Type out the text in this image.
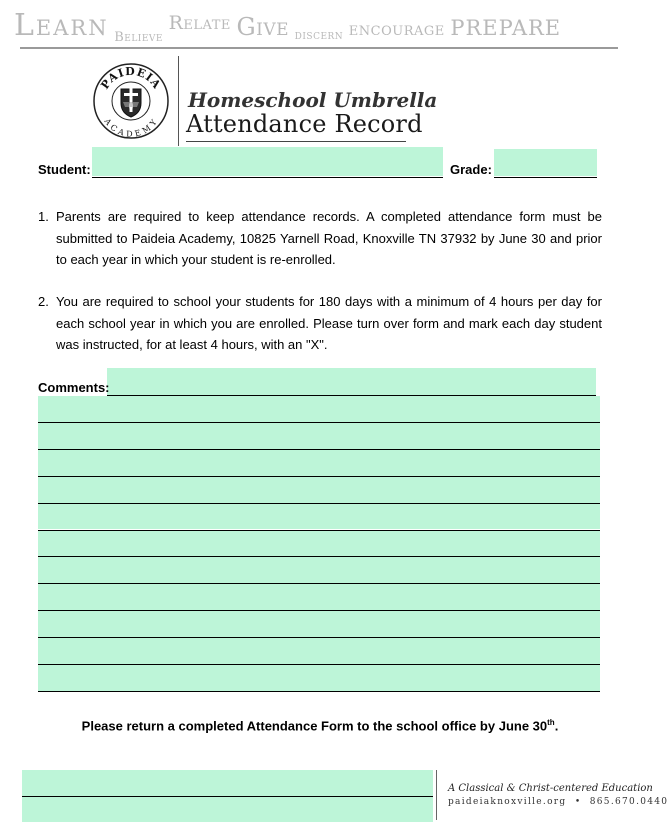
Learn Believe Relate Give discern encourage prepare
PAIDEIA
ACADEMY
Homeschool Umbrella
Attendance Record
Student:	Grade:
1. Parents are required to keep attendance records. A completed attendance form must be submitted to Paideia Academy, 10825 Yarnell Road, Knoxville TN 37932 by June 30 and prior to each year in which your student is re-enrolled.
2. You are required to school your students for 180 days with a minimum of 4 hours per day for each school year in which you are enrolled. Please turn over form and mark each day student was instructed, for at least 4 hours, with an "X".
Comments:
Please return a completed Attendance Form to the school office by June 30th.
A Classical & Christ-centered Education
paideiaknoxville.org • 865.670.0440
